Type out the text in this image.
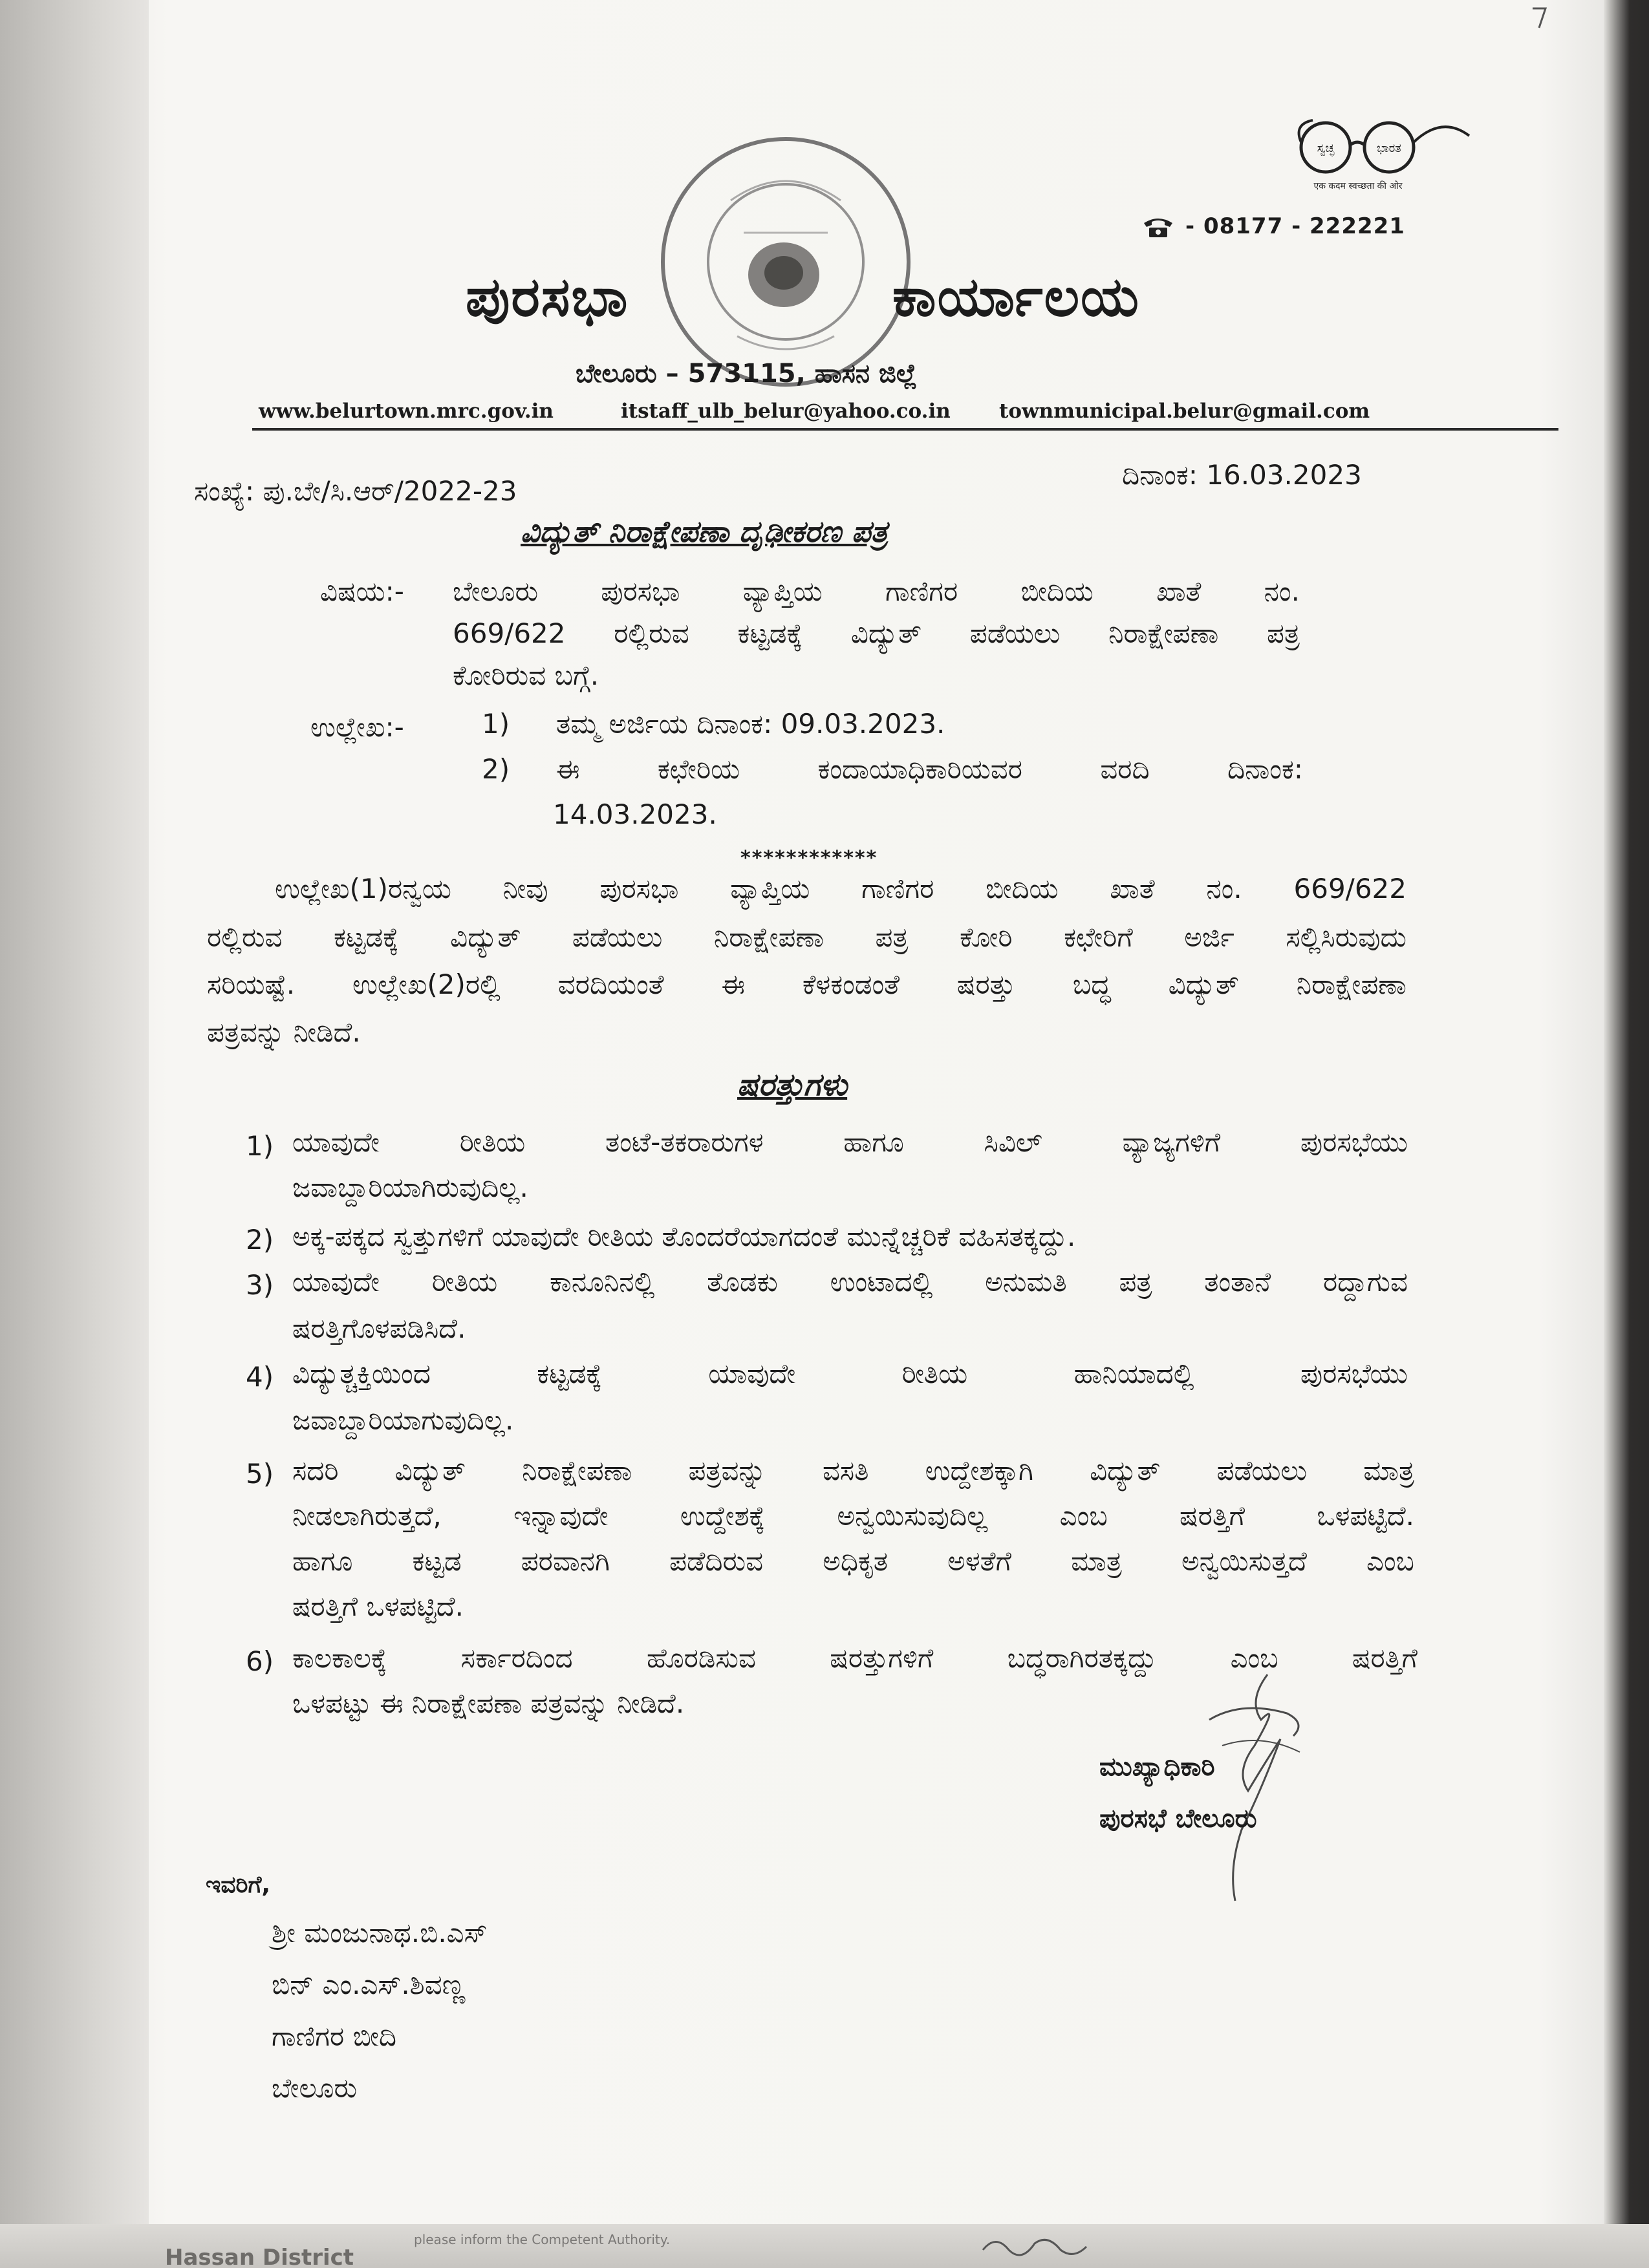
ಸ್ವಚ್ಛ	ಭಾರತ
एक कदम स्वच्छता की ओर
- 08177 - 222221
ಪುರಸಭಾ	ಕಾರ್ಯಾಲಯ
ಬೇಲೂರು – 573115, ಹಾಸನ ಜಿಲ್ಲೆ
www.belurtown.mrc.gov.in	itstaff_ulb_belur@yahoo.co.in townmunicipal.belur@gmail.com
ಸಂಖ್ಯೆ: ಪು.ಬೇ/ಸಿ.ಆರ್/2022-23
ದಿನಾಂಕ: 16.03.2023
ವಿದ್ಯುತ್ ನಿರಾಕ್ಷೇಪಣಾ ದೃಢೀಕರಣ ಪತ್ರ
ವಿಷಯ:- ಬೇಲೂರು ಪುರಸಭಾ ವ್ಯಾಪ್ತಿಯ ಗಾಣಿಗರ ಬೀದಿಯ ಖಾತೆ ನಂ.
669/622 ರಲ್ಲಿರುವ ಕಟ್ಟಡಕ್ಕೆ ವಿದ್ಯುತ್ ಪಡೆಯಲು ನಿರಾಕ್ಷೇಪಣಾ ಪತ್ರ
ಕೋರಿರುವ ಬಗ್ಗೆ.
ಉಲ್ಲೇಖ:-	1) ತಮ್ಮ ಅರ್ಜಿಯ ದಿನಾಂಕ: 09.03.2023.
2) ಈ ಕಛೇರಿಯ ಕಂದಾಯಾಧಿಕಾರಿಯವರ ವರದಿ ದಿನಾಂಕ:
14.03.2023.
************
ಉಲ್ಲೇಖ(1)ರನ್ವಯ ನೀವು ಪುರಸಭಾ ವ್ಯಾಪ್ತಿಯ ಗಾಣಿಗರ ಬೀದಿಯ ಖಾತೆ ನಂ. 669/622
ರಲ್ಲಿರುವ ಕಟ್ಟಡಕ್ಕೆ ವಿದ್ಯುತ್ ಪಡೆಯಲು ನಿರಾಕ್ಷೇಪಣಾ ಪತ್ರ ಕೋರಿ ಕಛೇರಿಗೆ ಅರ್ಜಿ ಸಲ್ಲಿಸಿರುವುದು
ಸರಿಯಷ್ಟೆ. ಉಲ್ಲೇಖ(2)ರಲ್ಲಿ ವರದಿಯಂತೆ ಈ ಕೆಳಕಂಡಂತೆ ಷರತ್ತು ಬದ್ಧ ವಿದ್ಯುತ್ ನಿರಾಕ್ಷೇಪಣಾ
ಪತ್ರವನ್ನು ನೀಡಿದೆ.
ಷರತ್ತುಗಳು
1) ಯಾವುದೇ ರೀತಿಯ ತಂಟೆ-ತಕರಾರುಗಳ ಹಾಗೂ ಸಿವಿಲ್ ವ್ಯಾಜ್ಯಗಳಿಗೆ ಪುರಸಭೆಯು
ಜವಾಬ್ದಾರಿಯಾಗಿರುವುದಿಲ್ಲ.
2) ಅಕ್ಕ-ಪಕ್ಕದ ಸ್ವತ್ತುಗಳಿಗೆ ಯಾವುದೇ ರೀತಿಯ ತೊಂದರೆಯಾಗದಂತೆ ಮುನ್ನೆಚ್ಚರಿಕೆ ವಹಿಸತಕ್ಕದ್ದು.
3) ಯಾವುದೇ ರೀತಿಯ ಕಾನೂನಿನಲ್ಲಿ ತೊಡಕು ಉಂಟಾದಲ್ಲಿ ಅನುಮತಿ ಪತ್ರ ತಂತಾನೆ ರದ್ದಾಗುವ
ಷರತ್ತಿಗೊಳಪಡಿಸಿದೆ.
4) ವಿದ್ಯುತ್ಚಕ್ತಿಯಿಂದ ಕಟ್ಟಡಕ್ಕೆ ಯಾವುದೇ ರೀತಿಯ ಹಾನಿಯಾದಲ್ಲಿ ಪುರಸಭೆಯು
ಜವಾಬ್ದಾರಿಯಾಗುವುದಿಲ್ಲ.
5) ಸದರಿ ವಿದ್ಯುತ್ ನಿರಾಕ್ಷೇಪಣಾ ಪತ್ರವನ್ನು ವಸತಿ ಉದ್ದೇಶಕ್ಕಾಗಿ ವಿದ್ಯುತ್ ಪಡೆಯಲು ಮಾತ್ರ
ನೀಡಲಾಗಿರುತ್ತದೆ, ಇನ್ನಾವುದೇ ಉದ್ದೇಶಕ್ಕೆ ಅನ್ವಯಿಸುವುದಿಲ್ಲ ಎಂಬ ಷರತ್ತಿಗೆ ಒಳಪಟ್ಟಿದೆ.
ಹಾಗೂ ಕಟ್ಟಡ ಪರವಾನಗಿ ಪಡೆದಿರುವ ಅಧಿಕೃತ ಅಳತೆಗೆ ಮಾತ್ರ ಅನ್ವಯಿಸುತ್ತದೆ ಎಂಬ
ಷರತ್ತಿಗೆ ಒಳಪಟ್ಟಿದೆ.
6) ಕಾಲಕಾಲಕ್ಕೆ ಸರ್ಕಾರದಿಂದ ಹೊರಡಿಸುವ ಷರತ್ತುಗಳಿಗೆ ಬದ್ಧರಾಗಿರತಕ್ಕದ್ದು ಎಂಬ ಷರತ್ತಿಗೆ
ಒಳಪಟ್ಟು ಈ ನಿರಾಕ್ಷೇಪಣಾ ಪತ್ರವನ್ನು ನೀಡಿದೆ.
ಮುಖ್ಯಾಧಿಕಾರಿ
ಪುರಸಭೆ ಬೇಲೂರು
ಇವರಿಗೆ,
ಶ್ರೀ ಮಂಜುನಾಥ.ಬಿ.ಎಸ್
ಬಿನ್ ಎಂ.ಎಸ್.ಶಿವಣ್ಣ
ಗಾಣಿಗರ ಬೀದಿ
ಬೇಲೂರು
Hassan District
please inform the Competent Authority.
